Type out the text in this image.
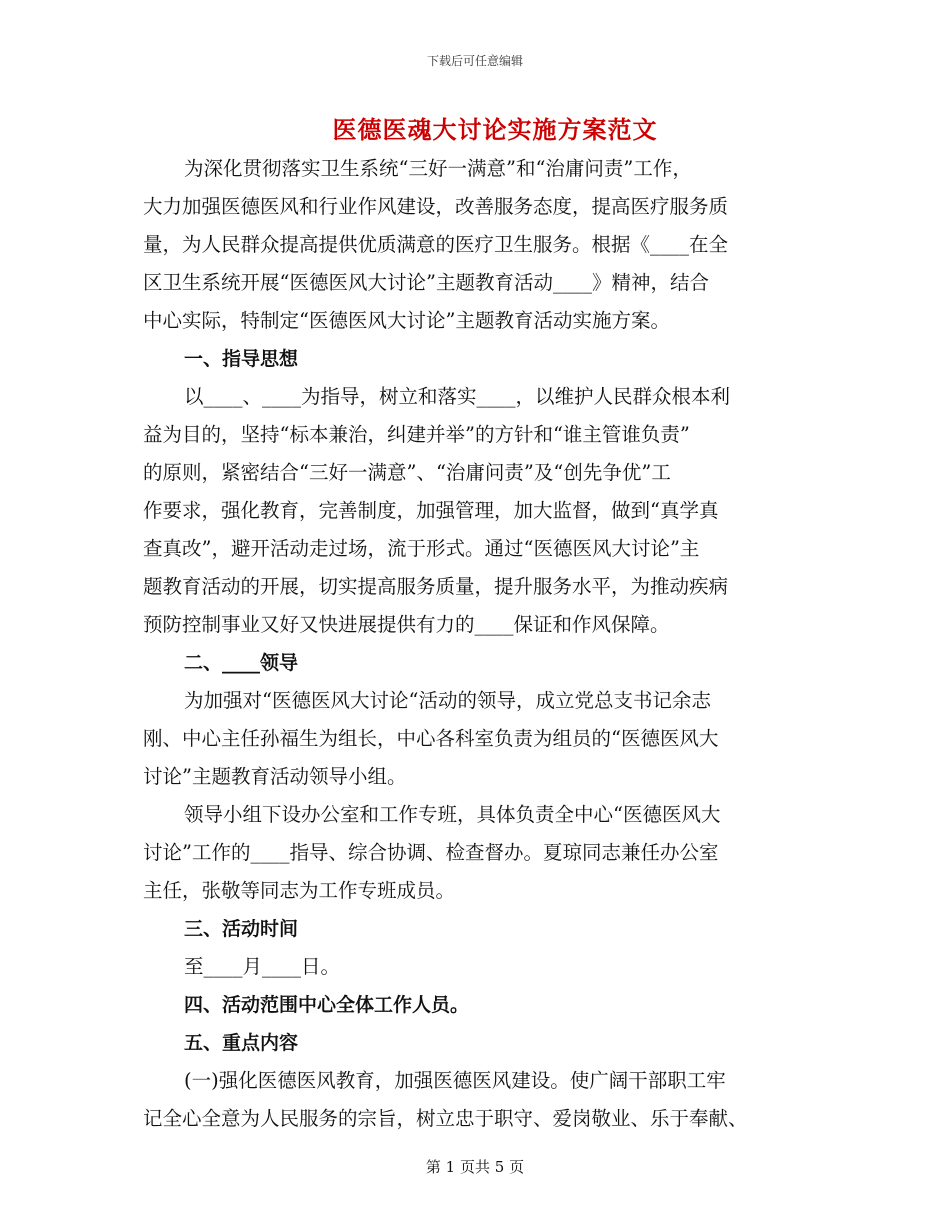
下载后可任意编辑
医德医魂大讨论实施方案范文
为深化贯彻落实卫生系统“三好一满意”和“治庸问责”工作，
大力加强医德医风和行业作风建设，改善服务态度，提高医疗服务质
量，为人民群众提高提供优质满意的医疗卫生服务。根据《____在全
区卫生系统开展“医德医风大讨论”主题教育活动____》精神，结合
中心实际，特制定“医德医风大讨论”主题教育活动实施方案。
一、指导思想
以____、____为指导，树立和落实____，以维护人民群众根本利
益为目的，坚持“标本兼治，纠建并举”的方针和“谁主管谁负责”
的原则，紧密结合“三好一满意”、“治庸问责”及“创先争优”工
作要求，强化教育，完善制度，加强管理，加大监督，做到“真学真
查真改”，避开活动走过场，流于形式。通过“医德医风大讨论”主
题教育活动的开展，切实提高服务质量，提升服务水平，为推动疾病
预防控制事业又好又快进展提供有力的____保证和作风保障。
二、____领导
为加强对“医德医风大讨论“活动的领导，成立党总支书记余志
刚、中心主任孙福生为组长，中心各科室负责为组员的“医德医风大
讨论”主题教育活动领导小组。
领导小组下设办公室和工作专班，具体负责全中心“医德医风大
讨论”工作的____指导、综合协调、检查督办。夏琼同志兼任办公室
主任，张敬等同志为工作专班成员。
三、活动时间
至____月____日。
四、活动范围中心全体工作人员。
五、重点内容
(一)强化医德医风教育，加强医德医风建设。使广阔干部职工牢
记全心全意为人民服务的宗旨，树立忠于职守、爱岗敬业、乐于奉献、
第 1 页共 5 页
